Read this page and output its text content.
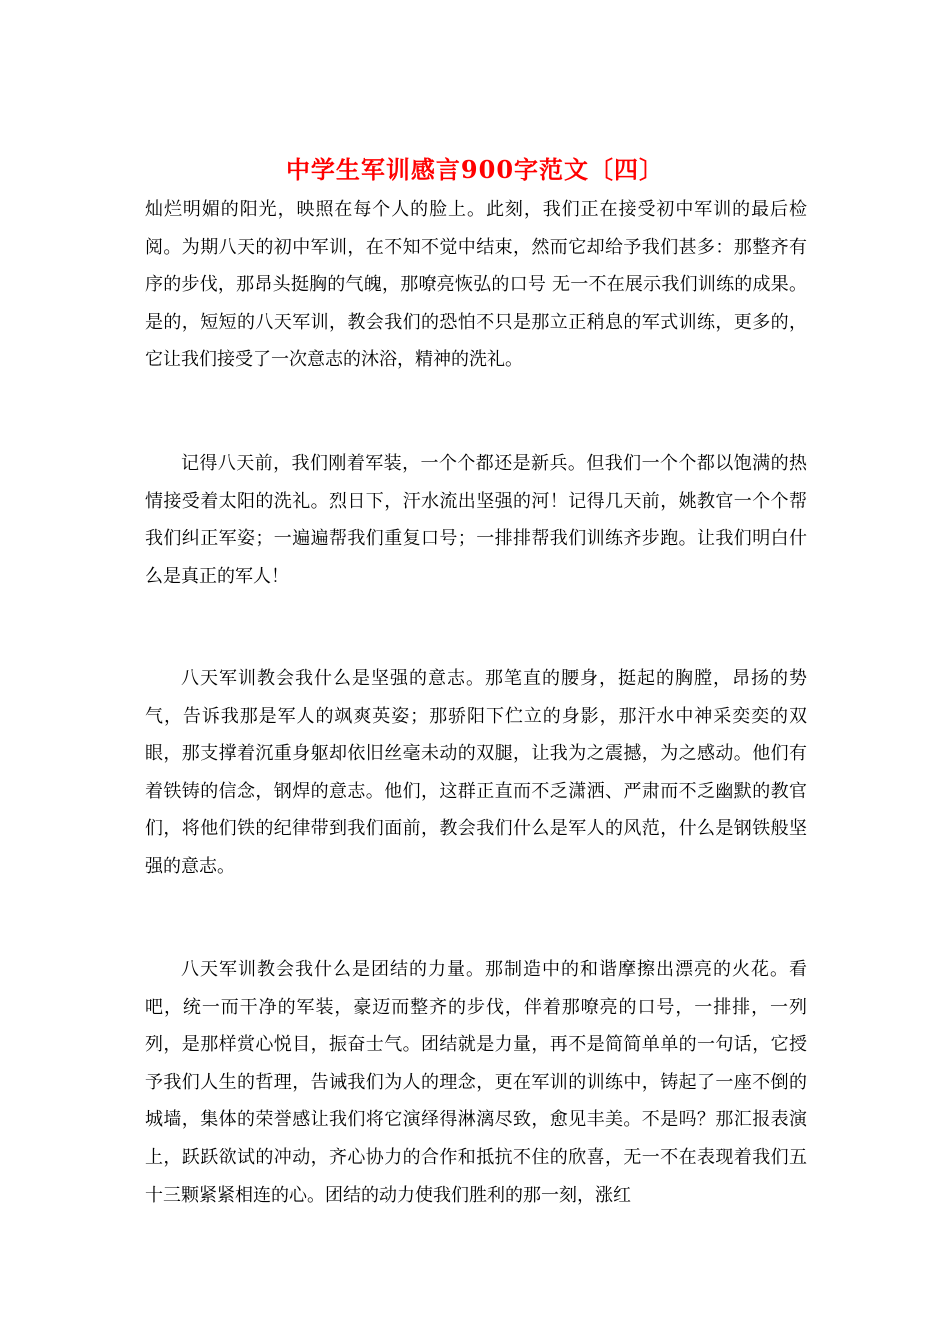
中学生军训感言900字范文〔四〕

灿烂明媚的阳光，映照在每个人的脸上。此刻，我们正在接受初中军训的最后检阅。为期八天的初中军训，在不知不觉中结束，然而它却给予我们甚多：那整齐有序的步伐，那昂头挺胸的气魄，那嘹亮恢弘的口号 无一不在展示我们训练的成果。是的，短短的八天军训，教会我们的恐怕不只是那立正稍息的军式训练，更多的，它让我们接受了一次意志的沐浴，精神的洗礼。

记得八天前，我们刚着军装，一个个都还是新兵。但我们一个个都以饱满的热情接受着太阳的洗礼。烈日下，汗水流出坚强的河！记得几天前，姚教官一个个帮我们纠正军姿；一遍遍帮我们重复口号；一排排帮我们训练齐步跑。让我们明白什么是真正的军人！

八天军训教会我什么是坚强的意志。那笔直的腰身，挺起的胸膛，昂扬的势气，告诉我那是军人的飒爽英姿；那骄阳下伫立的身影，那汗水中神采奕奕的双眼，那支撑着沉重身躯却依旧丝毫未动的双腿，让我为之震撼，为之感动。他们有着铁铸的信念，钢焊的意志。他们，这群正直而不乏潇洒、严肃而不乏幽默的教官们，将他们铁的纪律带到我们面前，教会我们什么是军人的风范，什么是钢铁般坚强的意志。

八天军训教会我什么是团结的力量。那制造中的和谐摩擦出漂亮的火花。看吧，统一而干净的军装，豪迈而整齐的步伐，伴着那嘹亮的口号，一排排，一列列，是那样赏心悦目，振奋士气。团结就是力量，再不是简简单单的一句话，它授予我们人生的哲理，告诫我们为人的理念，更在军训的训练中，铸起了一座不倒的城墙，集体的荣誉感让我们将它演绎得淋漓尽致，愈见丰美。不是吗？那汇报表演上，跃跃欲试的冲动，齐心协力的合作和抵抗不住的欣喜，无一不在表现着我们五十三颗紧紧相连的心。团结的动力使我们胜利的那一刻，涨红
